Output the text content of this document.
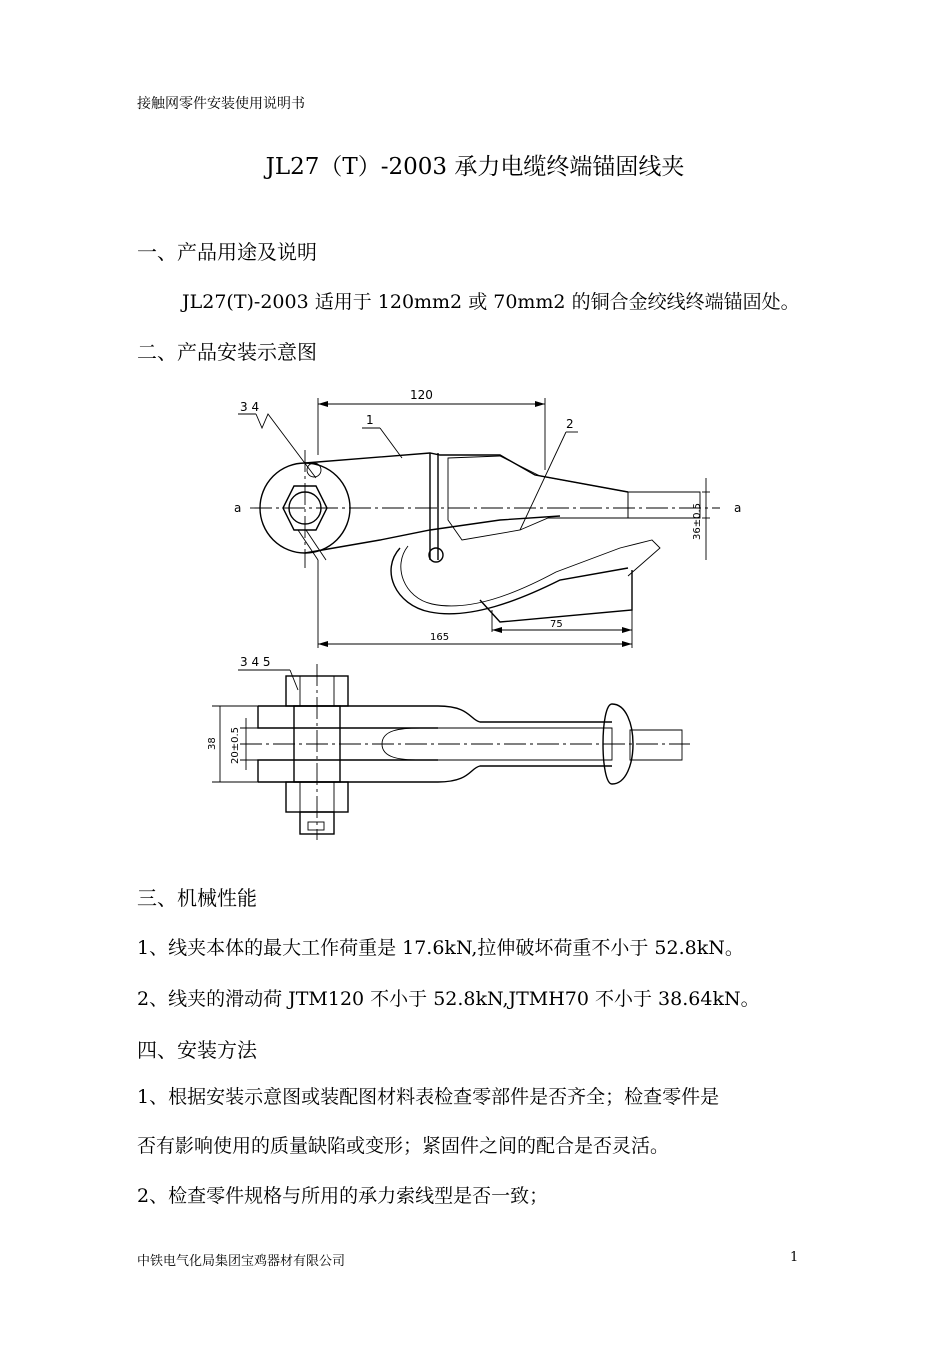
接触网零件安装使用说明书
JL27（T）-2003 承力电缆终端锚固线夹
一、产品用途及说明
JL27(T)-2003 适用于 120mm2 或 70mm2 的铜合金绞线终端锚固处。
二、产品安装示意图
120
3 4
1	2
a	a
165
75
36±0.5
3 4 5
38 20±0.5
三、机械性能
1、线夹本体的最大工作荷重是 17.6kN,拉伸破坏荷重不小于 52.8kN。
2、线夹的滑动荷 JTM120 不小于 52.8kN,JTMH70 不小于 38.64kN。
四、安装方法
1、根据安装示意图或装配图材料表检查零部件是否齐全；检查零件是
否有影响使用的质量缺陷或变形；紧固件之间的配合是否灵活。
2、检查零件规格与所用的承力索线型是否一致；
中铁电气化局集团宝鸡器材有限公司	1
